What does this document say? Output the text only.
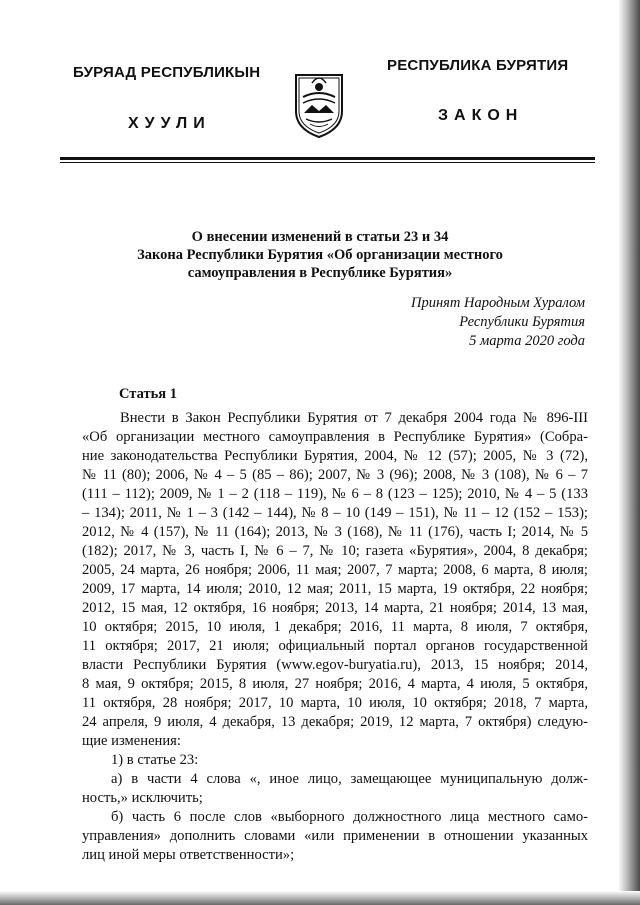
БУРЯАД РЕСПУБЛИКЫН	РЕСПУБЛИКА БУРЯТИЯ
ХУУЛИ	ЗАКОН
О внесении изменений в статьи 23 и 34
Закона Республики Бурятия «Об организации местного
самоуправления в Республике Бурятия»
Принят Народным Хуралом
Республики Бурятия
5 марта 2020 года
Статья 1
Внести в Закон Республики Бурятия от 7 декабря 2004 года № 896-III
«Об организации местного самоуправления в Республике Бурятия» (Собра-
ние законодательства Республики Бурятия, 2004, № 12 (57); 2005, № 3 (72),
№ 11 (80); 2006, № 4 – 5 (85 – 86); 2007, № 3 (96); 2008, № 3 (108), № 6 – 7
(111 – 112); 2009, № 1 – 2 (118 – 119), № 6 – 8 (123 – 125); 2010, № 4 – 5 (133
– 134); 2011, № 1 – 3 (142 – 144), № 8 – 10 (149 – 151), № 11 – 12 (152 – 153);
2012, № 4 (157), № 11 (164); 2013, № 3 (168), № 11 (176), часть I; 2014, № 5
(182); 2017, № 3, часть I, № 6 – 7, № 10; газета «Бурятия», 2004, 8 декабря;
2005, 24 марта, 26 ноября; 2006, 11 мая; 2007, 7 марта; 2008, 6 марта, 8 июля;
2009, 17 марта, 14 июля; 2010, 12 мая; 2011, 15 марта, 19 октября, 22 ноября;
2012, 15 мая, 12 октября, 16 ноября; 2013, 14 марта, 21 ноября; 2014, 13 мая,
10 октября; 2015, 10 июля, 1 декабря; 2016, 11 марта, 8 июля, 7 октября,
11 октября; 2017, 21 июля; официальный портал органов государственной
власти Республики Бурятия (www.egov-buryatia.ru), 2013, 15 ноября; 2014,
8 мая, 9 октября; 2015, 8 июля, 27 ноября; 2016, 4 марта, 4 июля, 5 октября,
11 октября, 28 ноября; 2017, 10 марта, 10 июля, 10 октября; 2018, 7 марта,
24 апреля, 9 июля, 4 декабря, 13 декабря; 2019, 12 марта, 7 октября) следую-
щие изменения:
1) в статье 23:
а) в части 4 слова «, иное лицо, замещающее муниципальную долж-
ность,» исключить;
б) часть 6 после слов «выборного должностного лица местного само-
управления» дополнить словами «или применении в отношении указанных
лиц иной меры ответственности»;
